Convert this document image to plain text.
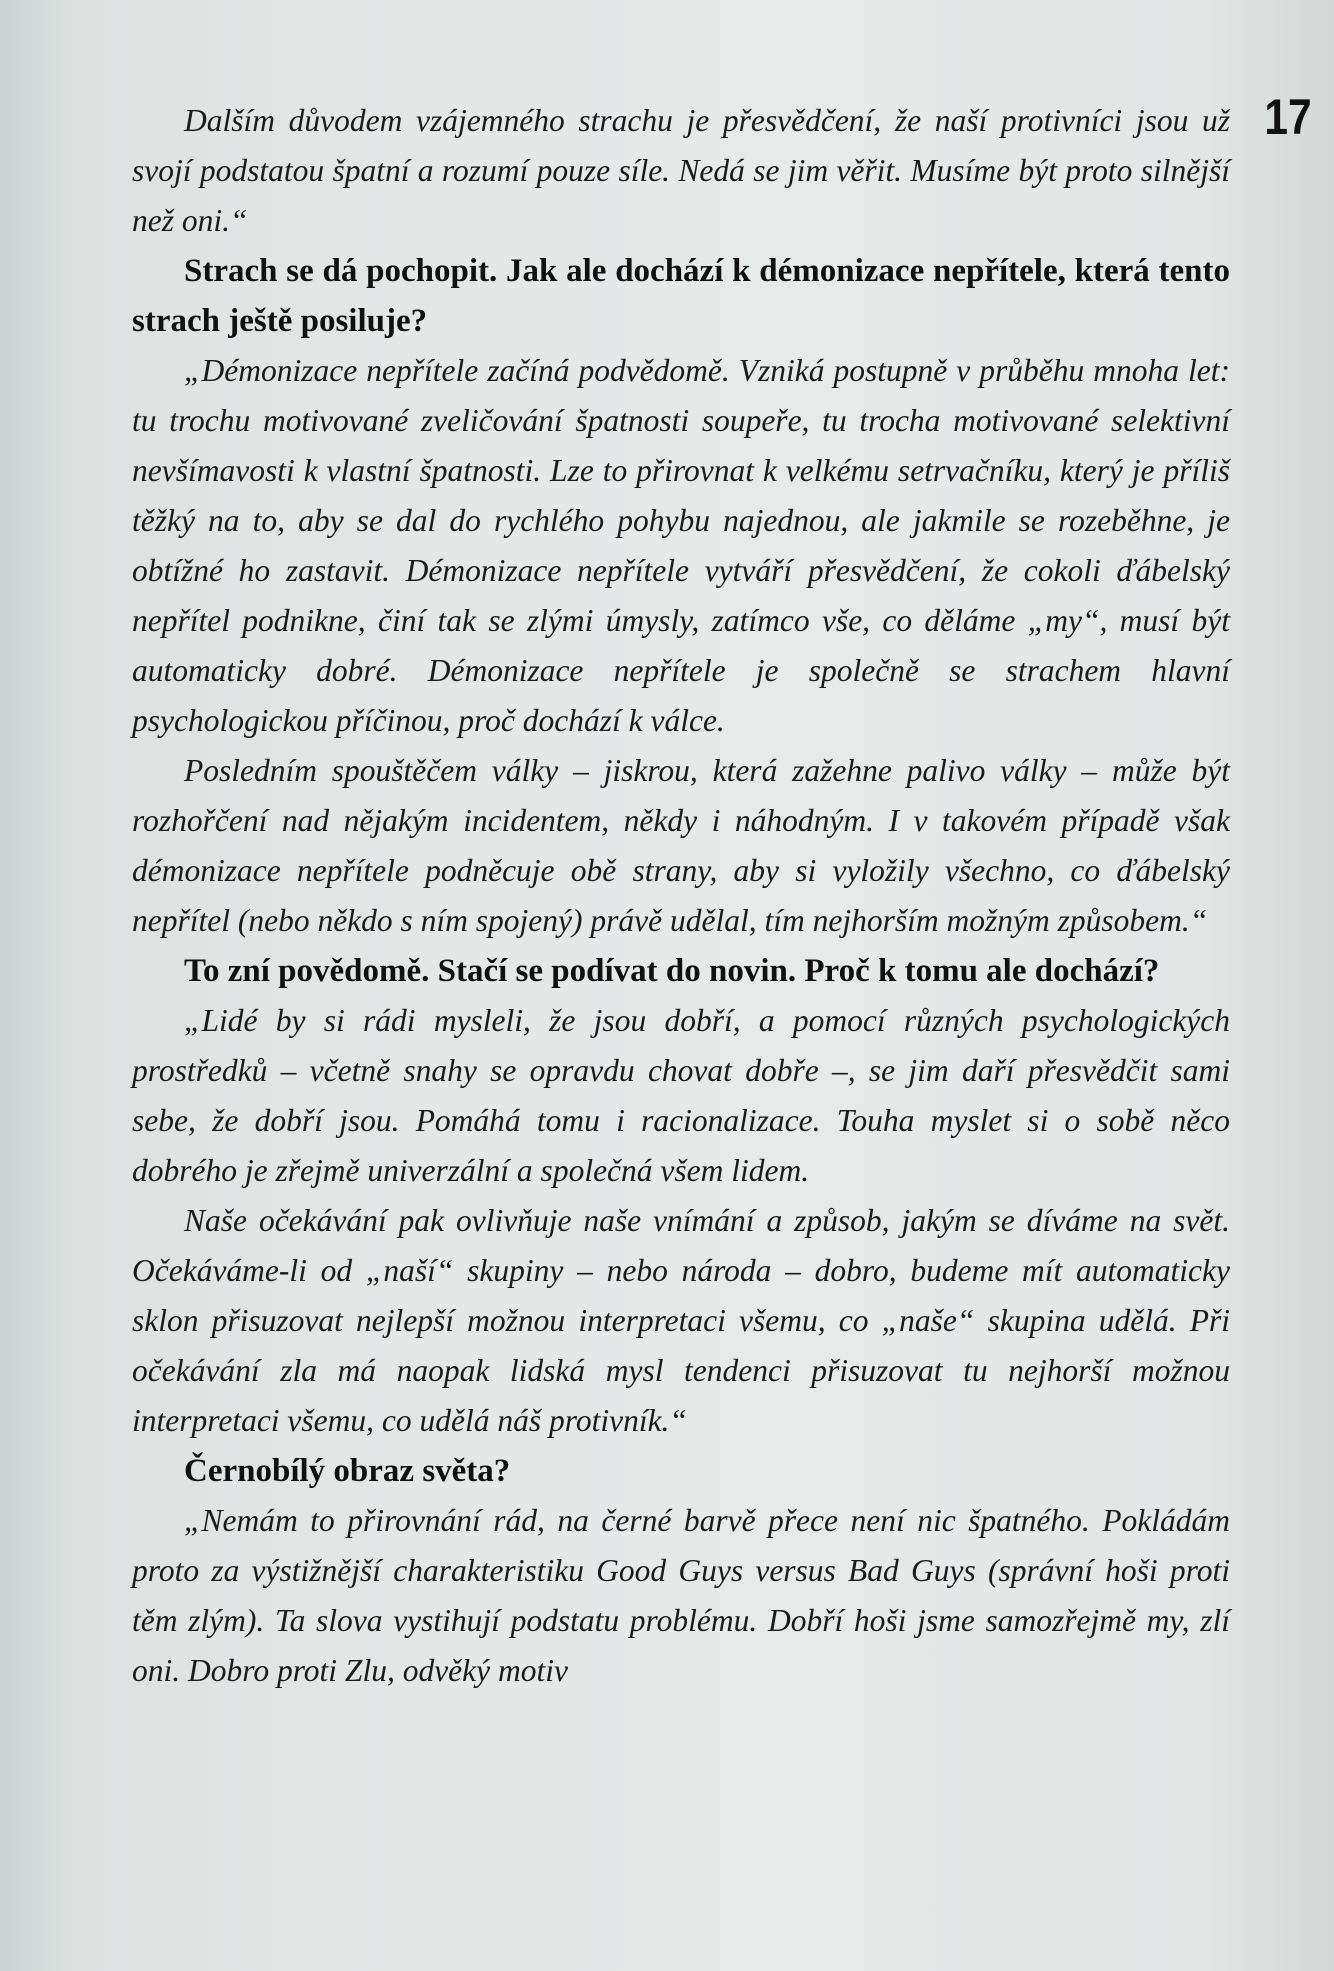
17

Dalším důvodem vzájemného strachu je přesvědčení, že naší protivníci jsou už svojí podstatou špatní a rozumí pouze síle. Nedá se jim věřit. Musíme být proto silnější než oni.“

Strach se dá pochopit. Jak ale dochází k démonizace nepřítele, která tento strach ještě posiluje?

„Démonizace nepřítele začíná podvědomě. Vzniká postupně v průběhu mnoha let: tu trochu motivované zveličování špatnosti soupeře, tu trocha motivované selektivní nevšímavosti k vlastní špatnosti. Lze to přirovnat k velkému setrvačníku, který je příliš těžký na to, aby se dal do rychlého pohybu najednou, ale jakmile se rozeběhne, je obtížné ho zastavit. Démonizace nepřítele vytváří přesvědčení, že cokoli ďábelský nepřítel podnikne, činí tak se zlými úmysly, zatímco vše, co děláme „my“, musí být automaticky dobré. Démonizace nepřítele je společně se strachem hlavní psychologickou příčinou, proč dochází k válce.

Posledním spouštěčem války – jiskrou, která zažehne palivo války – může být rozhořčení nad nějakým incidentem, někdy i náhodným. I v takovém případě však démonizace nepřítele podněcuje obě strany, aby si vyložily všechno, co ďábelský nepřítel (nebo někdo s ním spojený) právě udělal, tím nejhorším možným způsobem.“

To zní povědomě. Stačí se podívat do novin. Proč k tomu ale dochází?

„Lidé by si rádi mysleli, že jsou dobří, a pomocí různých psychologických prostředků – včetně snahy se opravdu chovat dobře –, se jim daří přesvědčit sami sebe, že dobří jsou. Pomáhá tomu i racionalizace. Touha myslet si o sobě něco dobrého je zřejmě univerzální a společná všem lidem.

Naše očekávání pak ovlivňuje naše vnímání a způsob, jakým se díváme na svět. Očekáváme-li od „naší“ skupiny – nebo národa – dobro, budeme mít automaticky sklon přisuzovat nejlepší možnou interpretaci všemu, co „naše“ skupina udělá. Při očekávání zla má naopak lidská mysl tendenci přisuzovat tu nejhorší možnou interpretaci všemu, co udělá náš protivník.“

Černobílý obraz světa?

„Nemám to přirovnání rád, na černé barvě přece není nic špatného. Pokládám proto za výstižnější charakteristiku Good Guys versus Bad Guys (správní hoši proti těm zlým). Ta slova vystihují podstatu problému. Dobří hoši jsme samozřejmě my, zlí oni. Dobro proti Zlu, odvěký motiv
